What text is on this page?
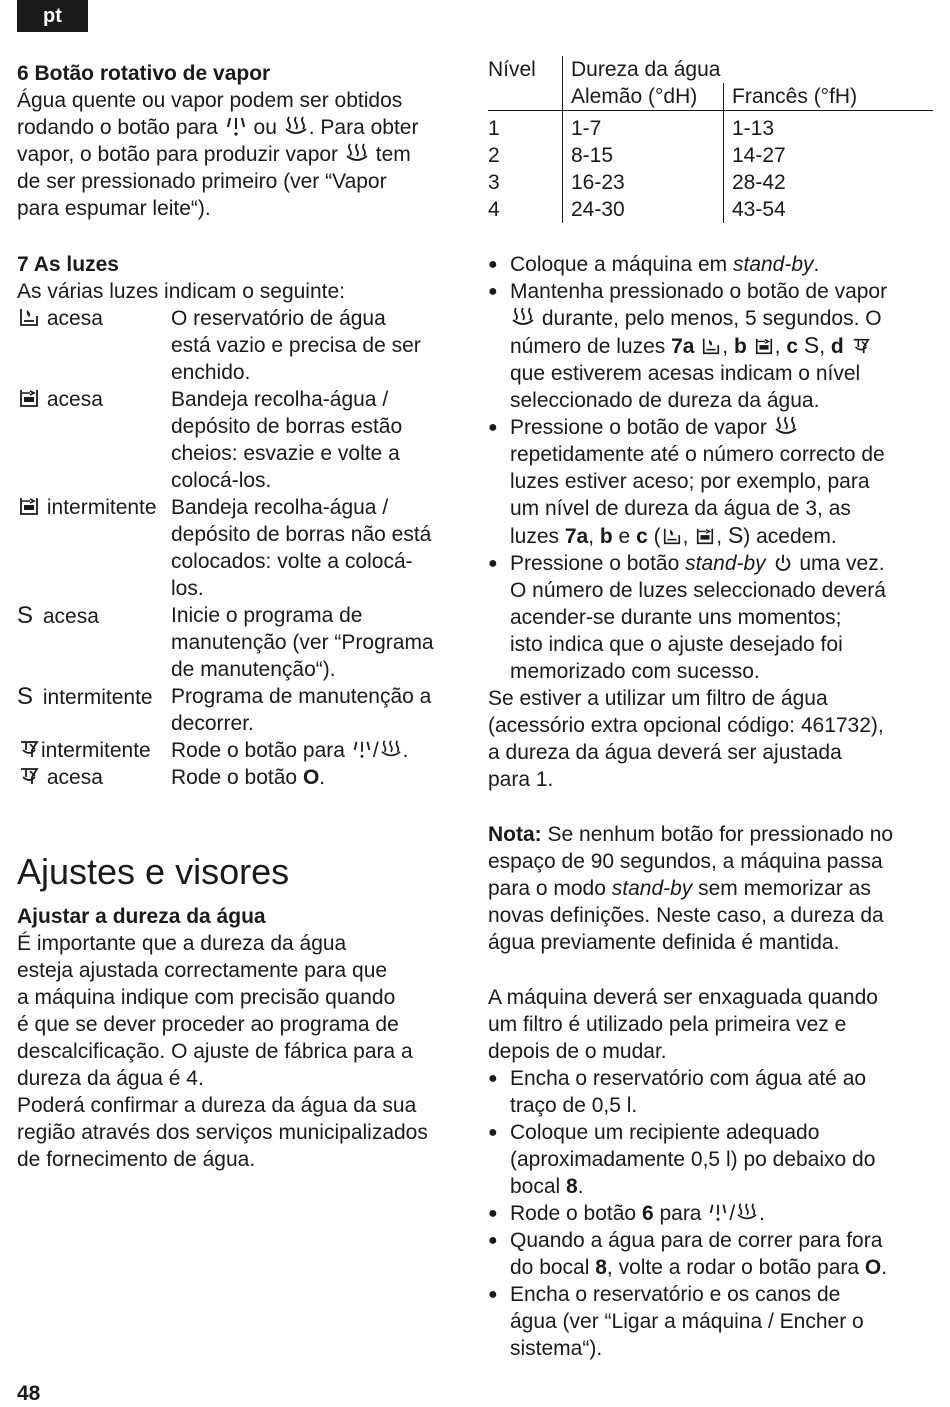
pt

6 Botão rotativo de vapor

Água quente ou vapor podem ser obtidos

rodando o botão para ou . Para obter

vapor, o botão para produzir vapor tem

de ser pressionado primeiro (ver “Vapor

para espumar leite“).

7 As luzes

As várias luzes indicam o seguinte:

acesa	O reservatório de água
está vazio e precisa de ser
enchido.
acesa	Bandeja recolha-água /
depósito de borras estão
cheios: esvazie e volte a
colocá-los.
intermitente Bandeja recolha-água /
depósito de borras não está
colocados: volte a colocá-
los.
S acesa	Inicie o programa de
manutenção (ver “Programa
de manutenção“).
S intermitente Programa de manutenção a
decorrer.
intermitente Rode o botão para / .
acesa	Rode o botão O.
Ajustes e visores

Ajustar a dureza da água

É importante que a dureza da água

esteja ajustada correctamente para que

a máquina indique com precisão quando

é que se dever proceder ao programa de

descalcificação. O ajuste de fábrica para a

dureza da água é 4.

Poderá confirmar a dureza da água da sua

região através dos serviços municipalizados

de fornecimento de água.

Nível	Dureza da água	
	Alemão (°dH)	Francês (°fH)
1	1-7	1-13
2	8-15	14-27
3	16-23	28-42
4	24-30	43-54
● Coloque a máquina em stand-by.
● Mantenha pressionado o botão de vapor
durante, pelo menos, 5 segundos. O
número de luzes 7a , b , c S, d
que estiverem acesas indicam o nível
seleccionado de dureza da água.
● Pressione o botão de vapor
repetidamente até o número correcto de
luzes estiver aceso; por exemplo, para
um nível de dureza da água de 3, as
luzes 7a, b e c ( ,
, S) acedem.
● Pressione o botão stand-by uma vez.
O número de luzes seleccionado deverá
acender-se durante uns momentos;
isto indica que o ajuste desejado foi
memorizado com sucesso.

Se estiver a utilizar um filtro de água

(acessório extra opcional código: 461732),

a dureza da água deverá ser ajustada

para 1.

Nota: Se nenhum botão for pressionado no

espaço de 90 segundos, a máquina passa

para o modo stand-by sem memorizar as

novas definições. Neste caso, a dureza da

água previamente definida é mantida.

A máquina deverá ser enxaguada quando

um filtro é utilizado pela primeira vez e

depois de o mudar.

● Encha o reservatório com água até ao
traço de 0,5 l.
● Coloque um recipiente adequado
(aproximadamente 0,5 l) po debaixo do
bocal 8.
● Rode o botão 6 para
/ .
● Quando a água para de correr para fora
do bocal 8, volte a rodar o botão para O.
● Encha o reservatório e os canos de
água (ver “Ligar a máquina / Encher o
sistema“).
48
